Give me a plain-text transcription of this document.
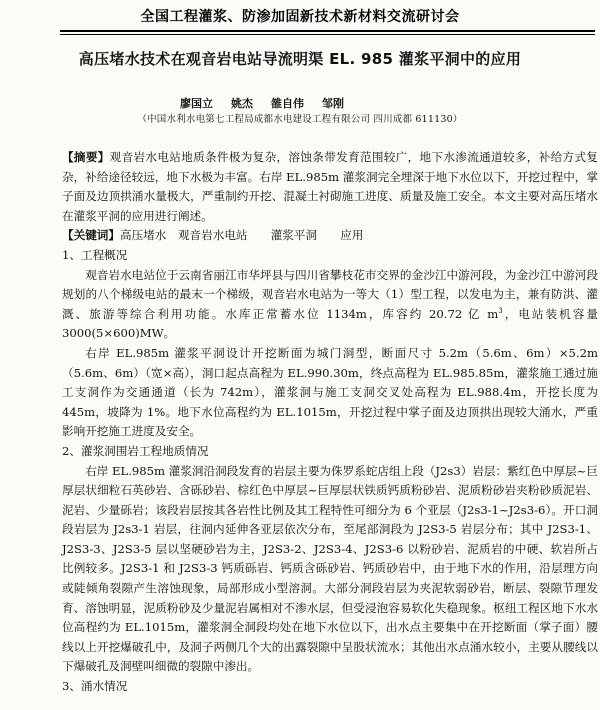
全国工程灌浆、防渗加固新技术新材料交流研讨会
高压堵水技术在观音岩电站导流明渠 EL. 985 灌浆平洞中的应用
廖国立 姚杰 雒自伟 邹刚
（中国水利水电第七工程局成都水电建设工程有限公司 四川成都 611130）

【摘要】观音岩水电站地质条件极为复杂，溶蚀条带发育范围较广，地下水渗流通道较多，补给方式复杂，补给途径较远，地下水极为丰富。右岸 EL.985m 灌浆洞完全埋深于地下水位以下，开挖过程中，掌子面及边顶拱涌水量极大，严重制约开挖、混凝土衬砌施工进度、质量及施工安全。本文主要对高压堵水在灌浆平洞的应用进行阐述。

【关键词】高压堵水　观音岩水电站　　灌浆平洞　　应用

1、工程概况

观音岩水电站位于云南省丽江市华坪县与四川省攀枝花市交界的金沙江中游河段，为金沙江中游河段规划的八个梯级电站的最末一个梯级，观音岩水电站为一等大（1）型工程，以发电为主，兼有防洪、灌溉、旅游等综合利用功能。水库正常蓄水位 1134m，库容约 20.72 亿 $m^3$，电站装机容量 3000(5×600)MW。

右岸 EL.985m 灌浆平洞设计开挖断面为城门洞型，断面尺寸 5.2m（5.6m、6m）×5.2m（5.6m、6m）（宽×高），洞口起点高程为 EL.990.30m，终点高程为 EL.985.85m，灌浆施工通过施工支洞作为交通通道（长为 742m），灌浆洞与施工支洞交叉处高程为 EL.988.4m，开挖长度为 445m，坡降为 1%。地下水位高程约为 EL.1015m，开挖过程中掌子面及边顶拱出现较大涌水，严重影响开挖施工进度及安全。

2、灌浆洞围岩工程地质情况

右岸 EL.985m 灌浆洞沿洞段发育的岩层主要为侏罗系蛇店组上段（J2s3）岩层：紫红色中厚层~巨厚层状细粒石英砂岩、含砾砂岩、棕红色中厚层~巨厚层状铁质钙质粉砂岩、泥质粉砂岩夹粉砂质泥岩、泥岩、少量砾岩；该段岩层按其各岩性比例及其工程特性可细分为 6 个亚层（J2s3-1~J2s3-6）。开口洞段岩层为 J2s3-1 岩层，往洞内延伸各亚层依次分布，至尾部洞段为 J2S3-5 岩层分布；其中 J2S3-1、J2S3-3、J2S3-5 层以坚硬砂岩为主，J2S3-2、J2S3-4、J2S3-6 以粉砂岩、泥质岩的中硬、软岩所占比例较多。J2S3-1 和 J2S3-3 钙质砾岩、钙质含砾砂岩、钙质砂岩中，由于地下水的作用，沿层理方向或陡倾角裂隙产生溶蚀现象，局部形成小型溶洞。大部分洞段岩层为夹泥软弱砂岩，断层、裂隙节理发育、溶蚀明显，泥质粉砂及少量泥岩属相对不渗水层，但受浸泡容易软化失稳现象。枢纽工程区地下水水位高程约为 EL.1015m，灌浆洞全洞段均处在地下水位以下，出水点主要集中在开挖断面（掌子面）腰线以上开挖爆破孔中，及洞子两侧几个大的出露裂隙中呈股状流水；其他出水点涌水较小，主要从腰线以下爆破孔及洞壁叫细微的裂隙中渗出。

3、涌水情况
